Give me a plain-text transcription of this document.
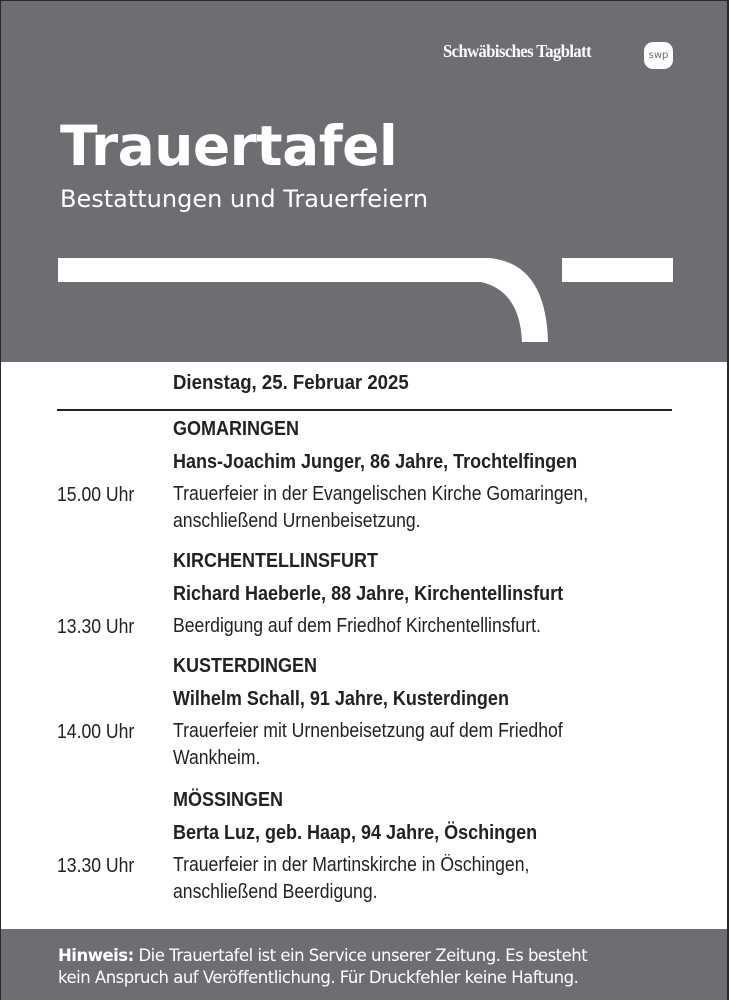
Schwäbisches Tagblatt	swp
Trauertafel
Bestattungen und Trauerfeiern
Dienstag, 25. Februar 2025
GOMARINGEN
Hans-Joachim Junger, 86 Jahre, Trochtelfingen
15.00 Uhr Trauerfeier in der Evangelischen Kirche Gomaringen,
anschließend Urnenbeisetzung.
KIRCHENTELLINSFURT
Richard Haeberle, 88 Jahre, Kirchentellinsfurt
13.30 Uhr Beerdigung auf dem Friedhof Kirchentellinsfurt.
KUSTERDINGEN
Wilhelm Schall, 91 Jahre, Kusterdingen
14.00 Uhr Trauerfeier mit Urnenbeisetzung auf dem Friedhof
Wankheim.
MÖSSINGEN
Berta Luz, geb. Haap, 94 Jahre, Öschingen
13.30 Uhr Trauerfeier in der Martinskirche in Öschingen,
anschließend Beerdigung.
Hinweis: Die Trauertafel ist ein Service unserer Zeitung. Es besteht
kein Anspruch auf Veröffentlichung. Für Druckfehler keine Haftung.
